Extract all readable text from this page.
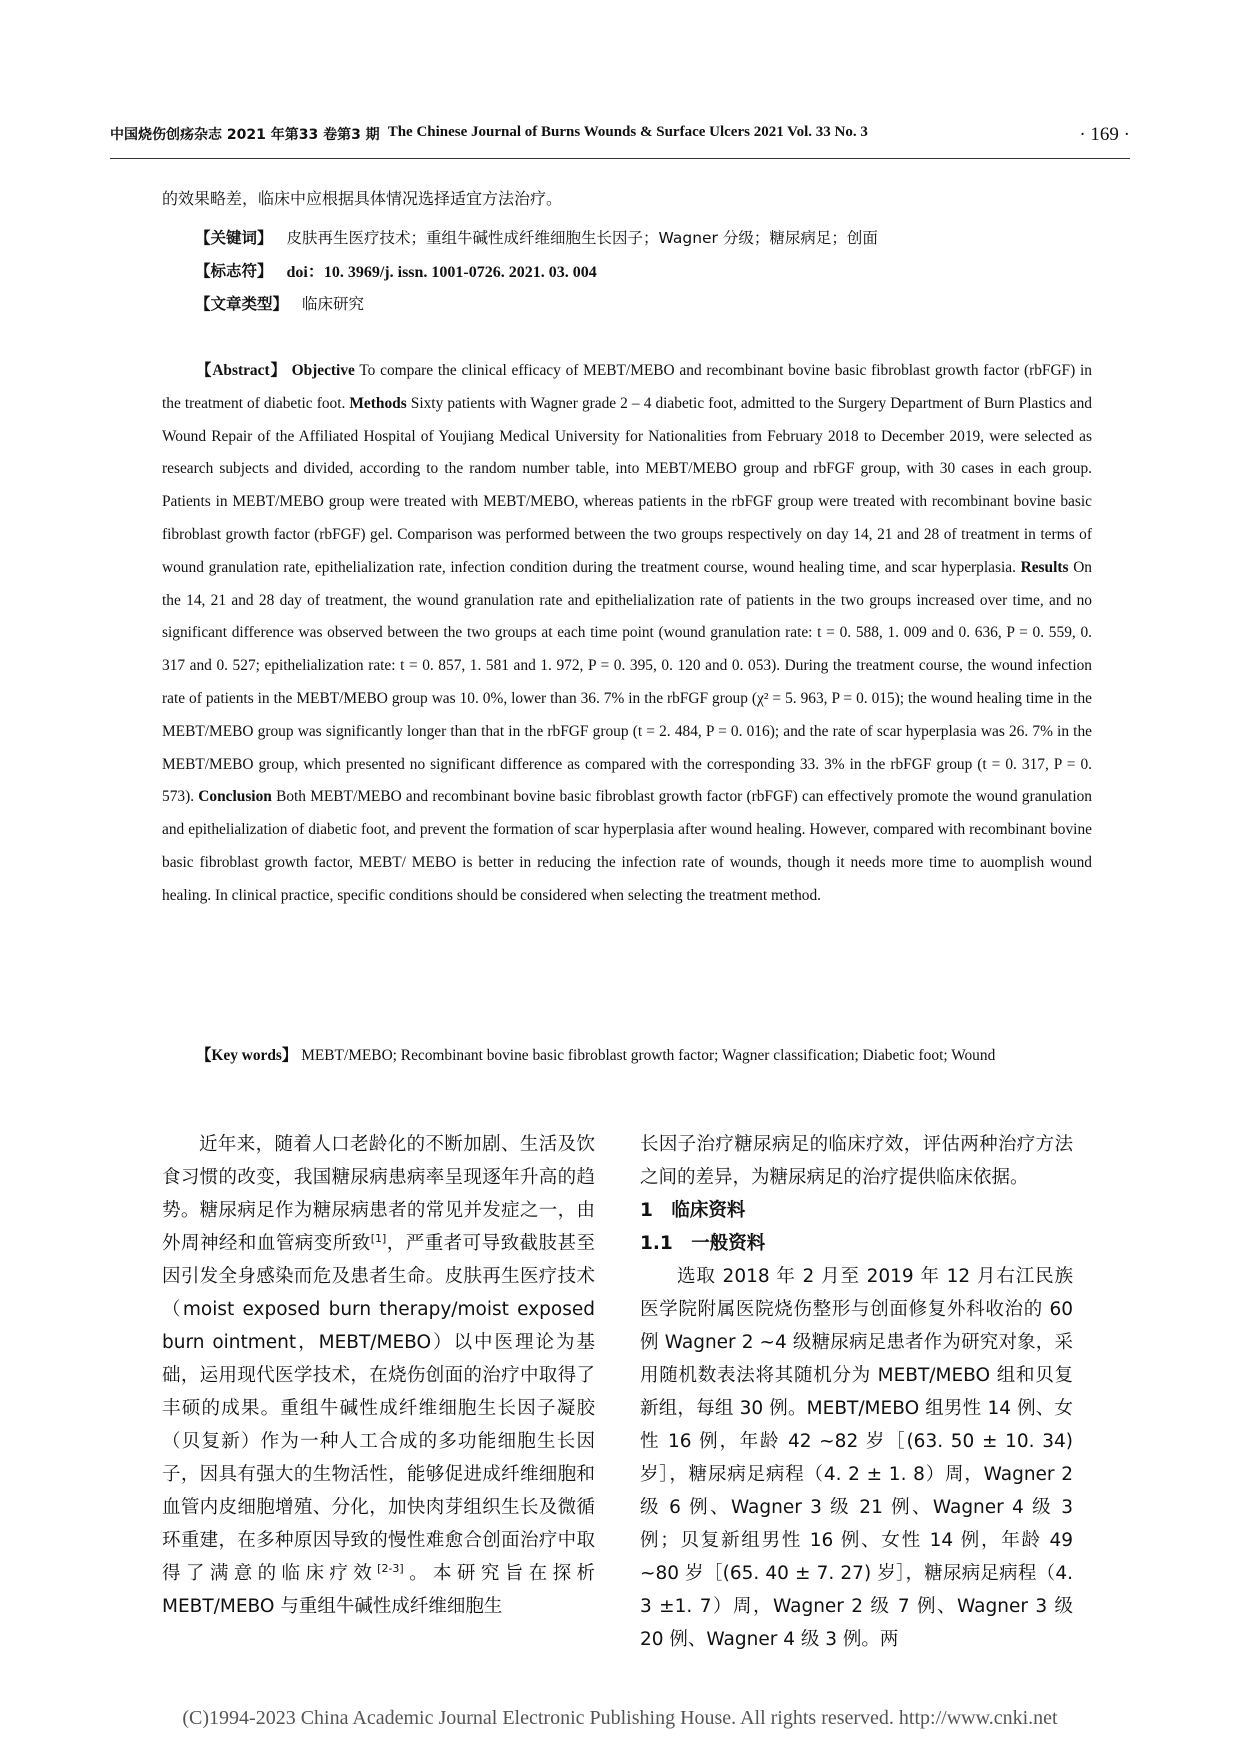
中国烧伤创疡杂志 2021 年第33 卷第3 期 The Chinese Journal of Burns Wounds & Surface Ulcers 2021 Vol. 33 No. 3	· 169 ·
的效果略差，临床中应根据具体情况选择适宜方法治疗。
【关键词】 皮肤再生医疗技术；重组牛碱性成纤维细胞生长因子；Wagner 分级；糖尿病足；创面
【标志符】 doi：10. 3969/j. issn. 1001-0726. 2021. 03. 004
【文章类型】 临床研究
【Abstract】 Objective To compare the clinical efficacy of MEBT/MEBO and recombinant bovine basic fibroblast growth factor (rbFGF) in the treatment of diabetic foot. Methods Sixty patients with Wagner grade 2 – 4 diabetic foot, admitted to the Surgery Department of Burn Plastics and Wound Repair of the Affiliated Hospital of Youjiang Medical University for Nationalities from February 2018 to December 2019, were selected as research subjects and divided, according to the random number table, into MEBT/MEBO group and rbFGF group, with 30 cases in each group. Patients in MEBT/MEBO group were treated with MEBT/MEBO, whereas patients in the rbFGF group were treated with recombinant bovine basic fibroblast growth factor (rbFGF) gel. Comparison was performed between the two groups respectively on day 14, 21 and 28 of treatment in terms of wound granulation rate, epithelialization rate, infection condition during the treatment course, wound healing time, and scar hyperplasia. Results On the 14, 21 and 28 day of treatment, the wound granulation rate and epithelialization rate of patients in the two groups increased over time, and no significant difference was observed between the two groups at each time point (wound granulation rate: t = 0. 588, 1. 009 and 0. 636, P = 0. 559, 0. 317 and 0. 527; epithelialization rate: t = 0. 857, 1. 581 and 1. 972, P = 0. 395, 0. 120 and 0. 053). During the treatment course, the wound infection rate of patients in the MEBT/MEBO group was 10. 0%, lower than 36. 7% in the rbFGF group (χ² = 5. 963, P = 0. 015); the wound healing time in the MEBT/MEBO group was significantly longer than that in the rbFGF group (t = 2. 484, P = 0. 016); and the rate of scar hyperplasia was 26. 7% in the MEBT/MEBO group, which presented no significant difference as compared with the corresponding 33. 3% in the rbFGF group (t = 0. 317, P = 0. 573). Conclusion Both MEBT/MEBO and recombinant bovine basic fibroblast growth factor (rbFGF) can effectively promote the wound granulation and epithelialization of diabetic foot, and prevent the formation of scar hyperplasia after wound healing. However, compared with recombinant bovine basic fibroblast growth factor, MEBT/ MEBO is better in reducing the infection rate of wounds, though it needs more time to auomplish wound healing. In clinical practice, specific conditions should be considered when selecting the treatment method.
【Key words】 MEBT/MEBO; Recombinant bovine basic fibroblast growth factor; Wagner classification; Diabetic foot; Wound

近年来，随着人口老龄化的不断加剧、生活及饮食习惯的改变，我国糖尿病患病率呈现逐年升高的趋势。糖尿病足作为糖尿病患者的常见并发症之一，由外周神经和血管病变所致[1]，严重者可导致截肢甚至因引发全身感染而危及患者生命。皮肤再生医疗技术（moist exposed burn therapy/moist exposed burn ointment，MEBT/MEBO）以中医理论为基础，运用现代医学技术，在烧伤创面的治疗中取得了丰硕的成果。重组牛碱性成纤维细胞生长因子凝胶（贝复新）作为一种人工合成的多功能细胞生长因子，因具有强大的生物活性，能够促进成纤维细胞和血管内皮细胞增殖、分化，加快肉芽组织生长及微循环重建，在多种原因导致的慢性难愈合创面治疗中取得了满意的临床疗效[2-3]。本研究旨在探析 MEBT/MEBO 与重组牛碱性成纤维细胞生

长因子治疗糖尿病足的临床疗效，评估两种治疗方法之间的差异，为糖尿病足的治疗提供临床依据。

1　临床资料

1.1　一般资料

选取 2018 年 2 月至 2019 年 12 月右江民族医学院附属医院烧伤整形与创面修复外科收治的 60 例 Wagner 2 ~4 级糖尿病足患者作为研究对象，采用随机数表法将其随机分为 MEBT/MEBO 组和贝复新组，每组 30 例。MEBT/MEBO 组男性 14 例、女性 16 例，年龄 42 ~82 岁［(63. 50 ± 10. 34) 岁］，糖尿病足病程（4. 2 ± 1. 8）周，Wagner 2 级 6 例、Wagner 3 级 21 例、Wagner 4 级 3 例；贝复新组男性 16 例、女性 14 例，年龄 49 ~80 岁［(65. 40 ± 7. 27) 岁］，糖尿病足病程（4. 3 ±1. 7）周，Wagner 2 级 7 例、Wagner 3 级 20 例、Wagner 4 级 3 例。两

(C)1994-2023 China Academic Journal Electronic Publishing House. All rights reserved. http://www.cnki.net
